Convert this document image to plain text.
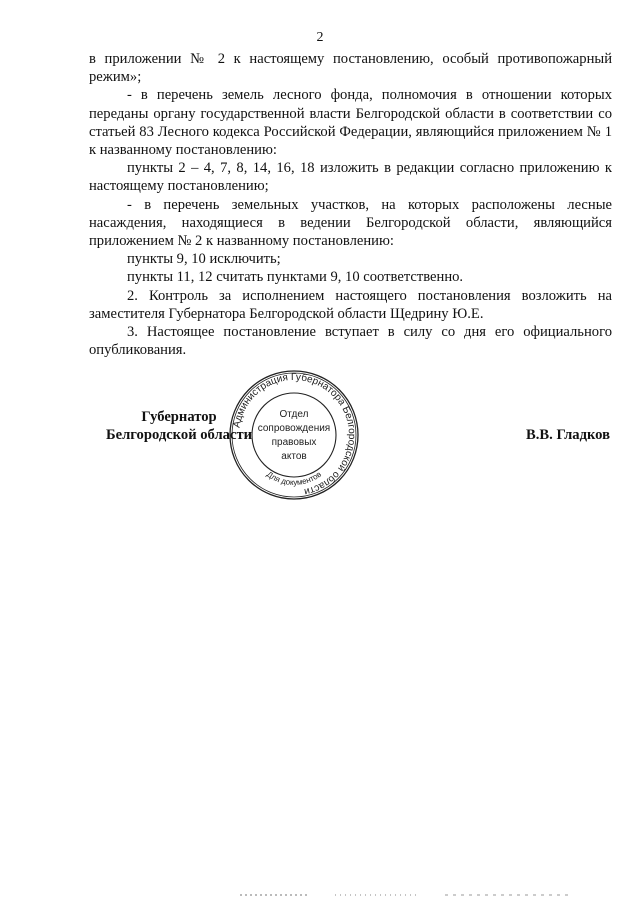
2

в приложении № 2 к настоящему постановлению, особый противопожарный режим»;

- в перечень земель лесного фонда, полномочия в отношении которых переданы органу государственной власти Белгородской области в соответствии со статьей 83 Лесного кодекса Российской Федерации, являющийся приложением № 1 к названному постановлению:

пункты 2 – 4, 7, 8, 14, 16, 18 изложить в редакции согласно приложению к настоящему постановлению;

- в перечень земельных участков, на которых расположены лесные насаждения, находящиеся в ведении Белгородской области, являющийся приложением № 2 к названному постановлению:

пункты 9, 10 исключить;

пункты 11, 12 считать пунктами 9, 10 соответственно.

2. Контроль за исполнением настоящего постановления возложить на заместителя Губернатора Белгородской области Щедрину Ю.Е.

3. Настоящее постановление вступает в силу со дня его официального опубликования.

Губернатор
Белгородской области
Администрация Губернатора Белгородской области
Для документов
Отдел
сопровождения
правовых
актов
В.В. Гладков
